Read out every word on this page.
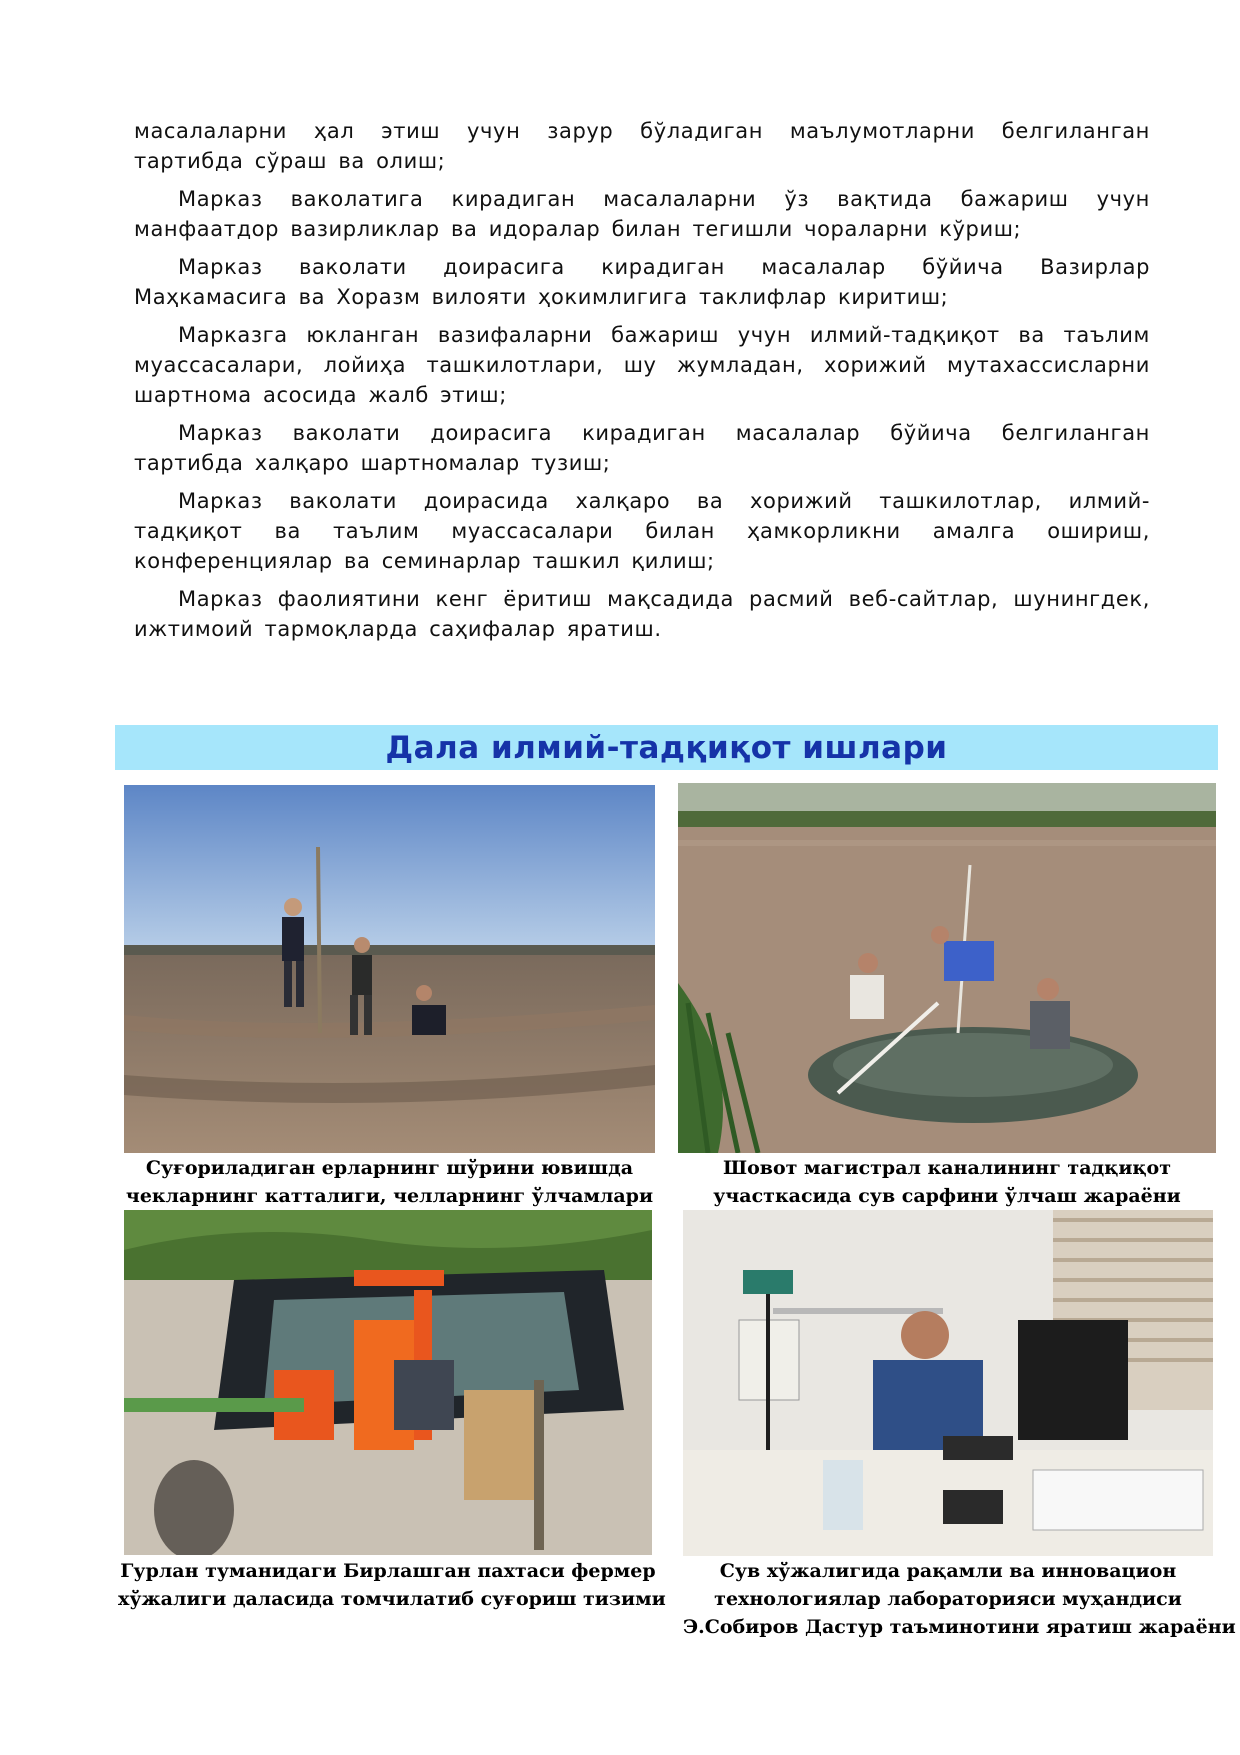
масалаларни ҳал этиш учун зарур бўладиган маълумотларни белгиланган тартибда сўраш ва олиш;

Марказ ваколатига кирадиган масалаларни ўз вақтида бажариш учун манфаатдор вазирликлар ва идоралар билан тегишли чораларни кўриш;

Марказ ваколати доирасига кирадиган масалалар бўйича Вазирлар Маҳкамасига ва Хоразм вилояти ҳокимлигига таклифлар киритиш;

Марказга юкланган вазифаларни бажариш учун илмий-тадқиқот ва таълим муассасалари, лойиҳа ташкилотлари, шу жумладан, хорижий мутахассисларни шартнома асосида жалб этиш;

Марказ ваколати доирасига кирадиган масалалар бўйича белгиланган тартибда халқаро шартномалар тузиш;

Марказ ваколати доирасида халқаро ва хорижий ташкилотлар, илмий-тадқиқот ва таълим муассасалари билан ҳамкорликни амалга ошириш, конференциялар ва семинарлар ташкил қилиш;

Марказ фаолиятини кенг ёритиш мақсадида расмий веб-сайтлар, шунингдек, ижтимоий тармоқларда саҳифалар яратиш.

Дала илмий-тадқиқот ишлари
Суғориладиган ерларнинг шўрини ювишда
чекларнинг катталиги, челларнинг ўлчамлари
Шовот магистрал каналининг тадқиқот
участкасида сув сарфини ўлчаш жараёни
Гурлан туманидаги Бирлашган пахтаси фермер
хўжалиги даласида томчилатиб суғориш тизими
Сув хўжалигида рақамли ва инновацион
технологиялар лабораторияси муҳандиси
Э.Собиров Дастур таъминотини яратиш жараёни
